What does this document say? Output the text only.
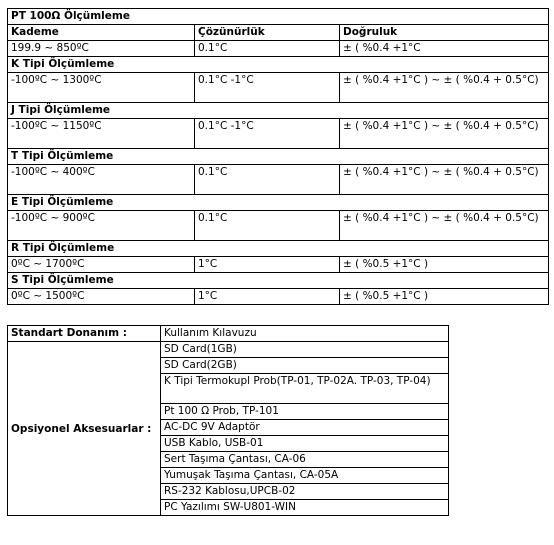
PT 100Ω Ölçümleme		
Kademe	Çözünürlük	Doğruluk
199.9 ~ 850ºC	0.1°C	± ( %0.4 +1°C
K Tipi Ölçümleme		
-100ºC ~ 1300ºC	0.1°C -1°C	± ( %0.4 +1°C ) ~ ± ( %0.4 + 0.5°C)
J Tipi Ölçümleme		
-100ºC ~ 1150ºC	0.1°C -1°C	± ( %0.4 +1°C ) ~ ± ( %0.4 + 0.5°C)
T Tipi Ölçümleme		
-100ºC ~ 400ºC	0.1°C	± ( %0.4 +1°C ) ~ ± ( %0.4 + 0.5°C)
E Tipi Ölçümleme		
-100ºC ~ 900ºC	0.1°C	± ( %0.4 +1°C ) ~ ± ( %0.4 + 0.5°C)
R Tipi Ölçümleme		
0ºC ~ 1700ºC	1°C	± ( %0.5 +1°C )
S Tipi Ölçümleme		
0ºC ~ 1500ºC	1°C	± ( %0.5 +1°C )
Standart Donanım :	Kullanım Kılavuzu
Opsiyonel Aksesuarlar :	SD Card(1GB)
	SD Card(2GB)
	K Tipi Termokupl Prob(TP-01, TP-02A. TP-03, TP-04)
	Pt 100 Ω Prob, TP-101
	AC-DC 9V Adaptör
	USB Kablo, USB-01
	Sert Taşıma Çantası, CA-06
	Yumuşak Taşıma Çantası, CA-05A
	RS-232 Kablosu,UPCB-02
	PC Yazılımı SW-U801-WIN
